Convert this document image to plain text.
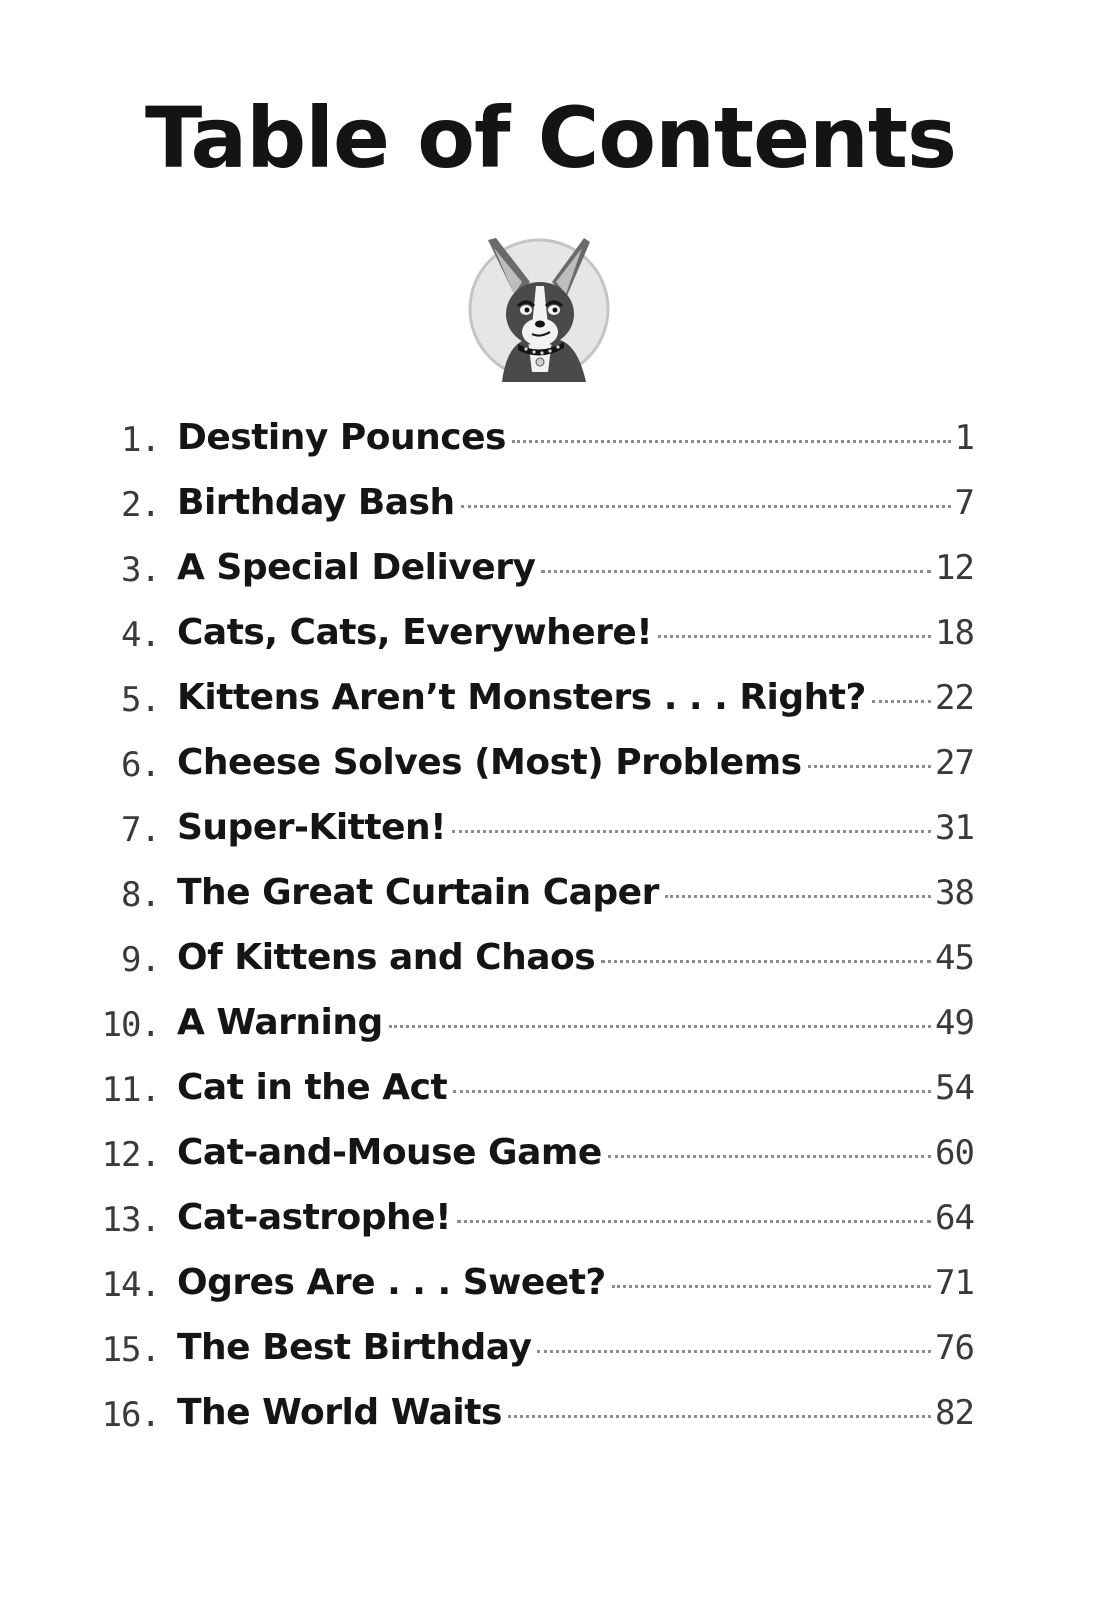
Table of Contents
1. Destiny Pounces	1
2. Birthday Bash	7
3. A Special Delivery	12
4. Cats, Cats, Everywhere!	18
5. Kittens Aren’t Monsters . . . Right? 22
6. Cheese Solves (Most) Problems	27
7. Super-Kitten!	31
8. The Great Curtain Caper	38
9. Of Kittens and Chaos	45
10. A Warning	49
11. Cat in the Act	54
12. Cat-and-Mouse Game	60
13. Cat-astrophe!	64
14. Ogres Are . . . Sweet?	71
15. The Best Birthday	76
16. The World Waits	82
